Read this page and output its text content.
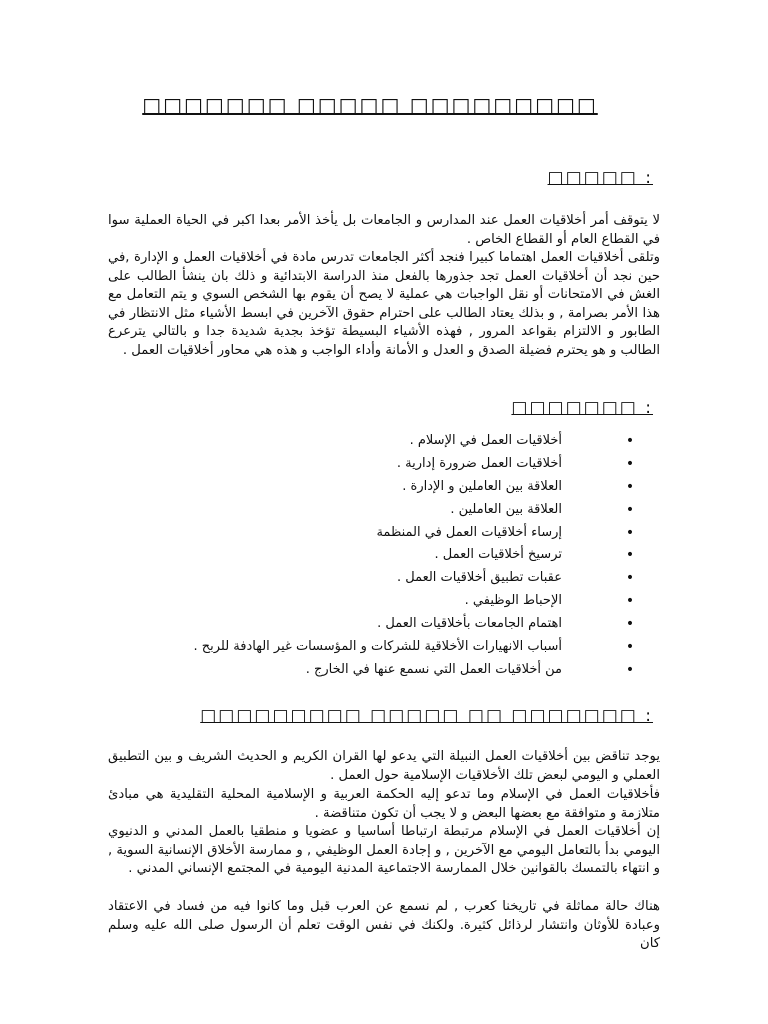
□□□□□□□ □□□□□ □□□□□□□□□
: □□□□□

لا يتوقف أمر أخلاقيات العمل عند المدارس و الجامعات بل يأخذ الأمر بعدا اكبر في الحياة العملية سوا في القطاع العام أو القطاع الخاص .

وتلقى أخلاقيات العمل اهتماما كبيرا فنجد أكثر الجامعات تدرس مادة في أخلاقيات العمل و الإدارة ,في حين نجد أن أخلاقيات العمل تجد جذورها بالفعل منذ الدراسة الابتدائية و ذلك بان ينشأ الطالب على الغش في الامتحانات أو نقل الواجبات هي عملية لا يصح أن يقوم بها الشخص السوي و يتم التعامل مع هذا الأمر بصرامة , و بذلك يعتاد الطالب على احترام حقوق الآخرين في ابسط الأشياء مثل الانتظار في الطابور و الالتزام بقواعد المرور , فهذه الأشياء البسيطة تؤخذ بجدية شديدة جدا و بالتالي يترعرع الطالب و هو يحترم فضيلة الصدق و العدل و الأمانة وأداء الواجب و هذه هي محاور أخلاقيات العمل .

: □□□□□□□
•
أخلاقيات العمل في الإسلام .
•
أخلاقيات العمل ضرورة إدارية .
•
العلاقة بين العاملين و الإدارة .
•
العلاقة بين العاملين .
•
إرساء أخلاقيات العمل في المنظمة
•
ترسيخ أخلاقيات العمل .
•
عقبات تطبيق أخلاقيات العمل .
•
الإحباط الوظيفي .
•
اهتمام الجامعات بأخلاقيات العمل .
•
أسباب الانهيارات الأخلاقية للشركات و المؤسسات غير الهادفة للربح .
•
من أخلاقيات العمل التي نسمع عنها في الخارج .
: □□□□□□□ □□ □□□□□ □□□□□□□□□

يوجد تناقض بين أخلاقيات العمل النبيلة التي يدعو لها القران الكريم و الحديث الشريف و بين التطبيق العملي و اليومي لبعض تلك الأخلاقيات الإسلامية حول العمل .

فأخلاقيات العمل في الإسلام وما تدعو إليه الحكمة العربية و الإسلامية المحلية التقليدية هي مبادئ متلازمة و متوافقة مع بعضها البعض و لا يجب أن تكون متناقضة .

إن أخلاقيات العمل في الإسلام مرتبطة ارتباطا أساسيا و عضويا و منطقيا بالعمل المدني و الدنيوي اليومي بدأ بالتعامل اليومي مع الآخرين , و إجادة العمل الوظيفي , و ممارسة الأخلاق الإنسانية السوية , و انتهاء بالتمسك بالقوانين خلال الممارسة الاجتماعية المدنية اليومية في المجتمع الإنساني المدني .

هناك حالة مماثلة في تاريخنا كعرب , لم نسمع عن العرب قبل وما كانوا فيه من فساد في الاعتقاد وعبادة للأوثان وانتشار لرذائل كثيرة. ولكنك في نفس الوقت تعلم أن الرسول صلى الله عليه وسلم كان
